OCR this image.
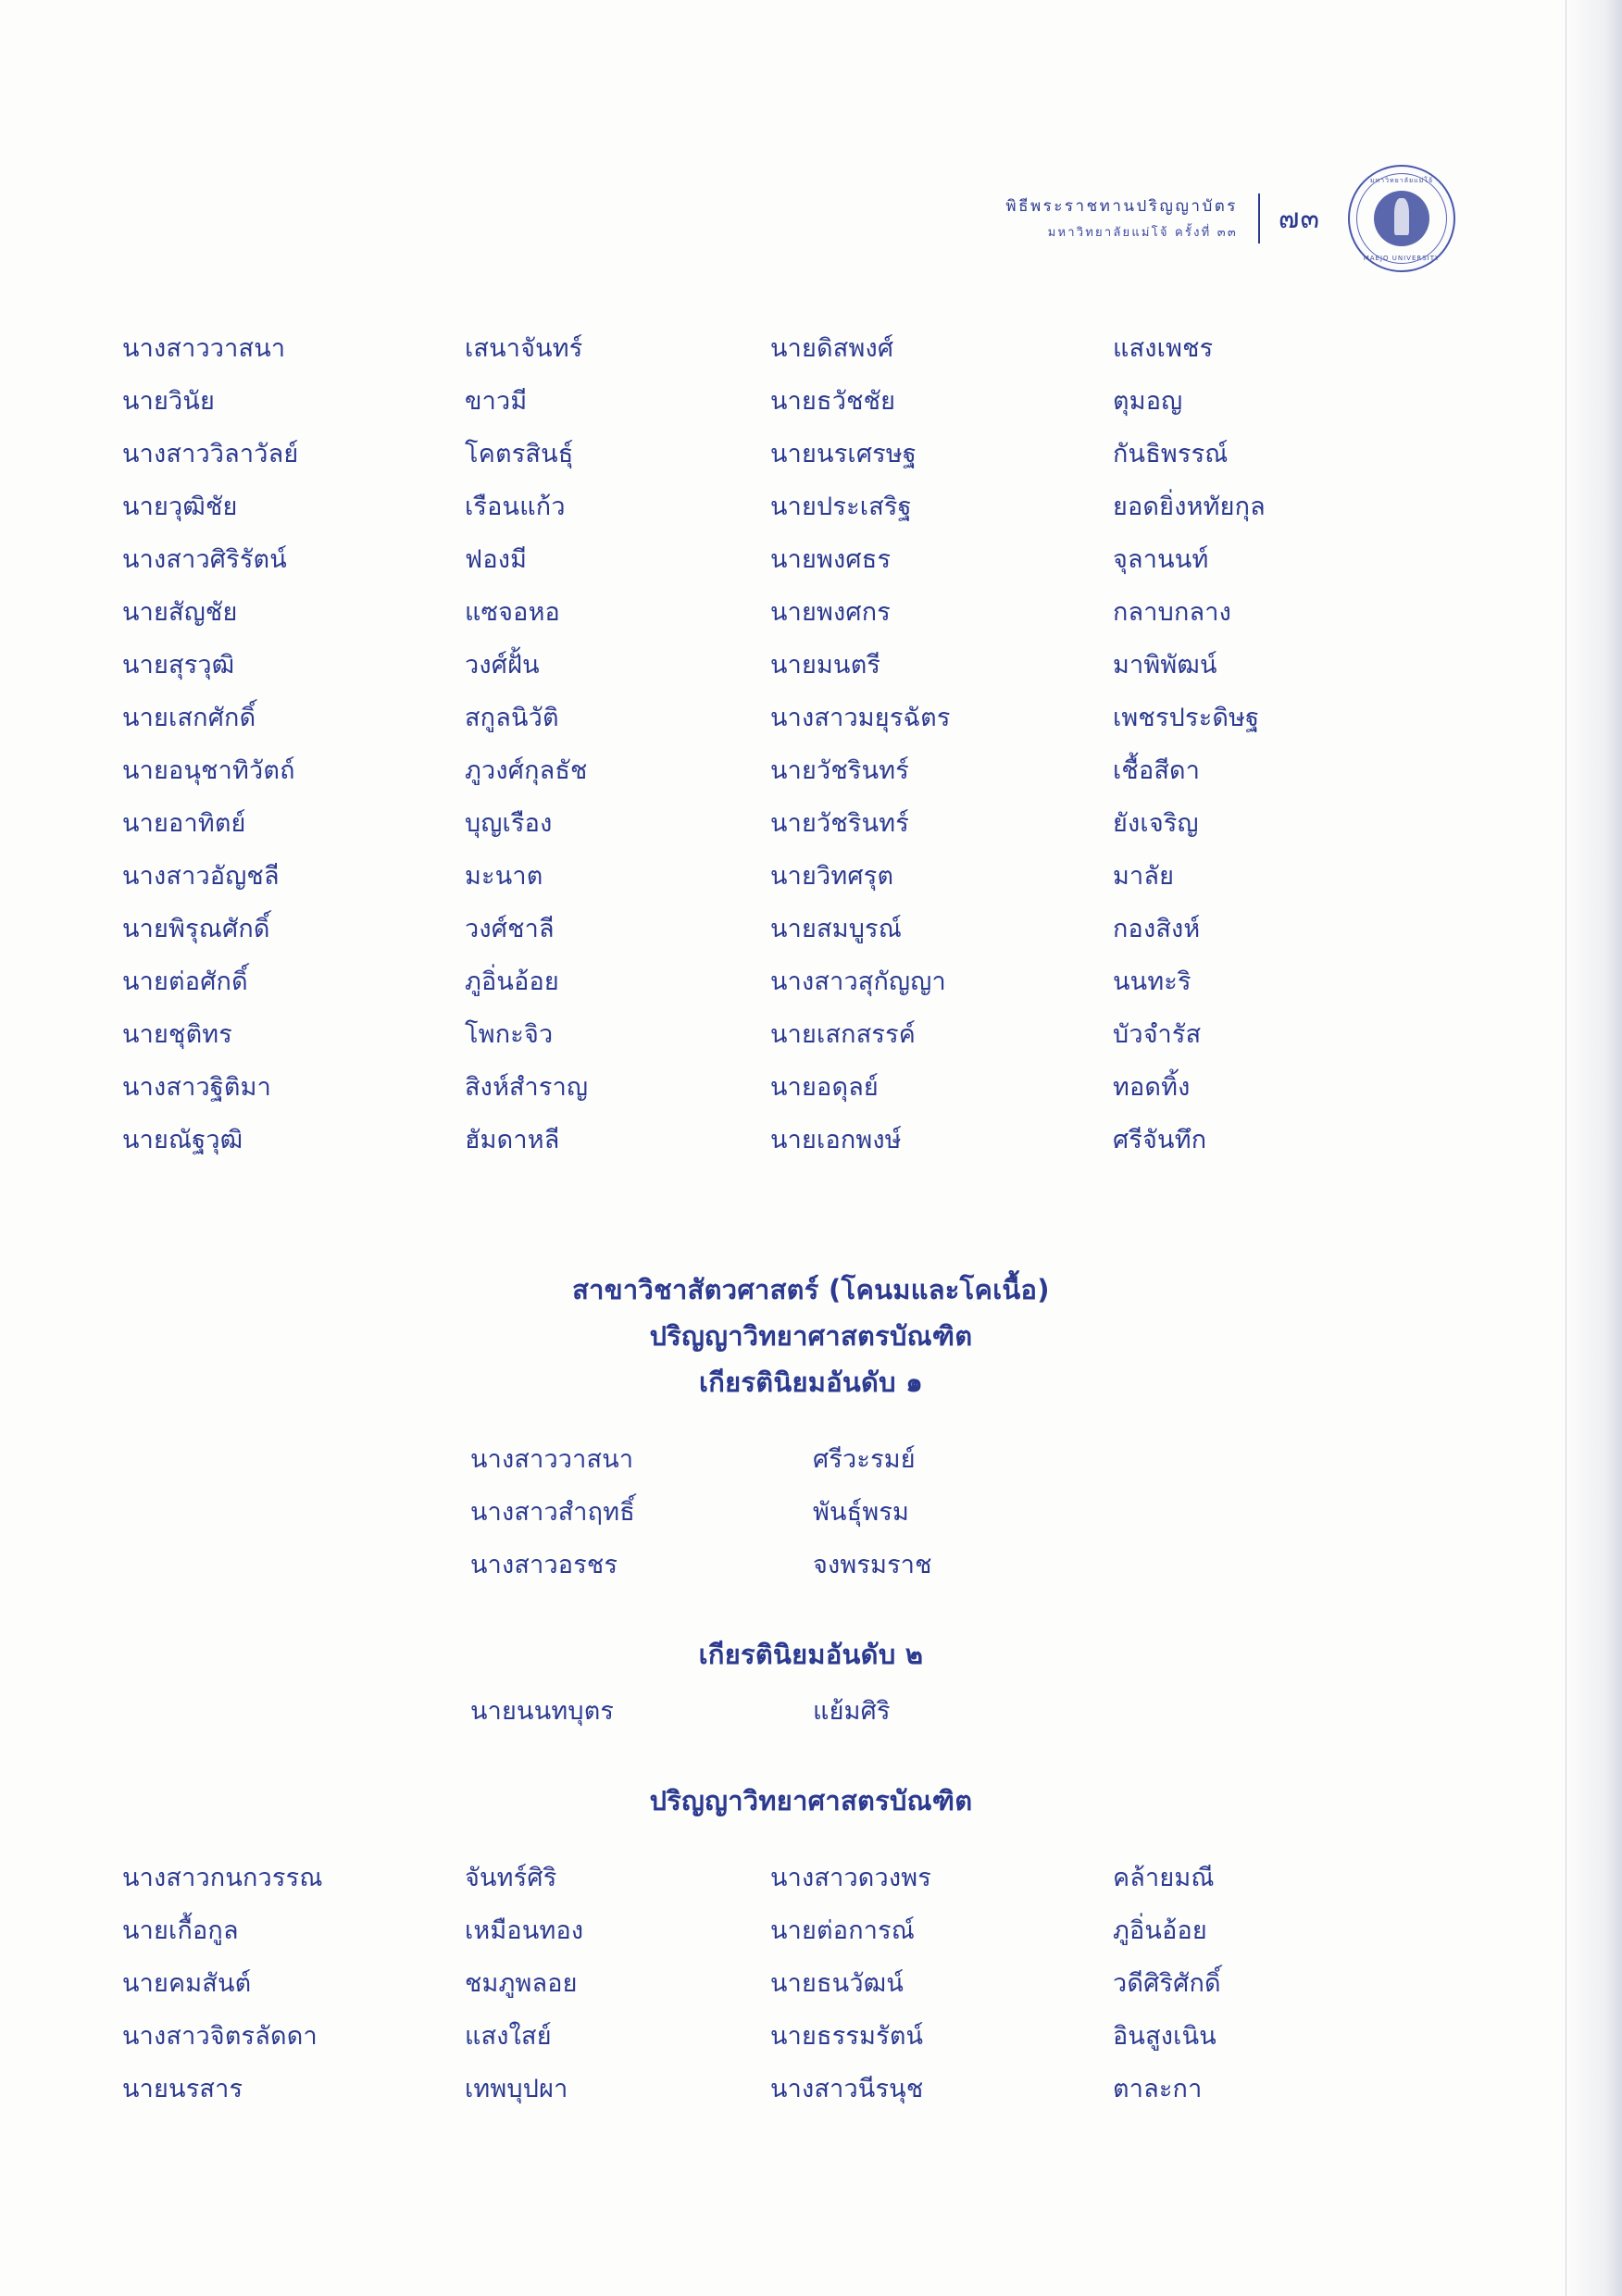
พิธีพระราชทานปริญญาบัตร
มหาวิทยาลัยแม่โจ้ ครั้งที่ ๓๓ ๗๓
มหาวิทยาลัยแม่โจ้
MAEJO UNIVERSITY
นางสาววาสนา	เสนาจันทร์	นายดิสพงศ์	แสงเพชร
นายวินัย	ขาวมี	นายธวัชชัย	ตุมอญ
นางสาววิลาวัลย์	โคตรสินธุ์	นายนรเศรษฐ	กันธิพรรณ์
นายวุฒิชัย	เรือนแก้ว	นายประเสริฐ	ยอดยิ่งหทัยกุล
นางสาวศิริรัตน์	ฟองมี	นายพงศธร	จุลานนท์
นายสัญชัย	แซจอหอ	นายพงศกร	กลาบกลาง
นายสุรวุฒิ	วงศ์ฝั้น	นายมนตรี	มาพิพัฒน์
นายเสกศักดิ์	สกูลนิวัติ	นางสาวมยุรฉัตร	เพชรประดิษฐ
นายอนุชาทิวัตถ์	ภูวงศ์กุลธัช	นายวัชรินทร์	เชื้อสีดา
นายอาทิตย์	บุญเรือง	นายวัชรินทร์	ยังเจริญ
นางสาวอัญชลี	มะนาต	นายวิทศรุต	มาลัย
นายพิรุณศักดิ์	วงศ์ชาลี	นายสมบูรณ์	กองสิงห์
นายต่อศักดิ์	ภูอิ่นอ้อย	นางสาวสุกัญญา	นนทะริ
นายชุติทร	โพกะจิว	นายเสกสรรค์	บัวจำรัส
นางสาวฐิติมา	สิงห์สำราญ	นายอดุลย์	ทอดทิ้ง
นายณัฐวุฒิ	ฮัมดาหลี	นายเอกพงษ์	ศรีจันทึก
สาขาวิชาสัตวศาสตร์ (โคนมและโคเนื้อ)
ปริญญาวิทยาศาสตรบัณฑิต
เกียรตินิยมอันดับ ๑
นางสาววาสนา	ศรีวะรมย์
นางสาวสำฤทธิ์	พันธุ์พรม
นางสาวอรชร	จงพรมราช
เกียรตินิยมอันดับ ๒
นายนนทบุตร	แย้มศิริ
ปริญญาวิทยาศาสตรบัณฑิต
นางสาวกนกวรรณ	จันทร์ศิริ	นางสาวดวงพร	คล้ายมณี
นายเกื้อกูล	เหมือนทอง	นายต่อการณ์	ภูอิ่นอ้อย
นายคมสันต์	ชมภูพลอย	นายธนวัฒน์	วดีศิริศักดิ์
นางสาวจิตรลัดดา	แสงใสย์	นายธรรมรัตน์	อินสูงเนิน
นายนรสาร	เทพบุปผา	นางสาวนีรนุช	ตาละกา
